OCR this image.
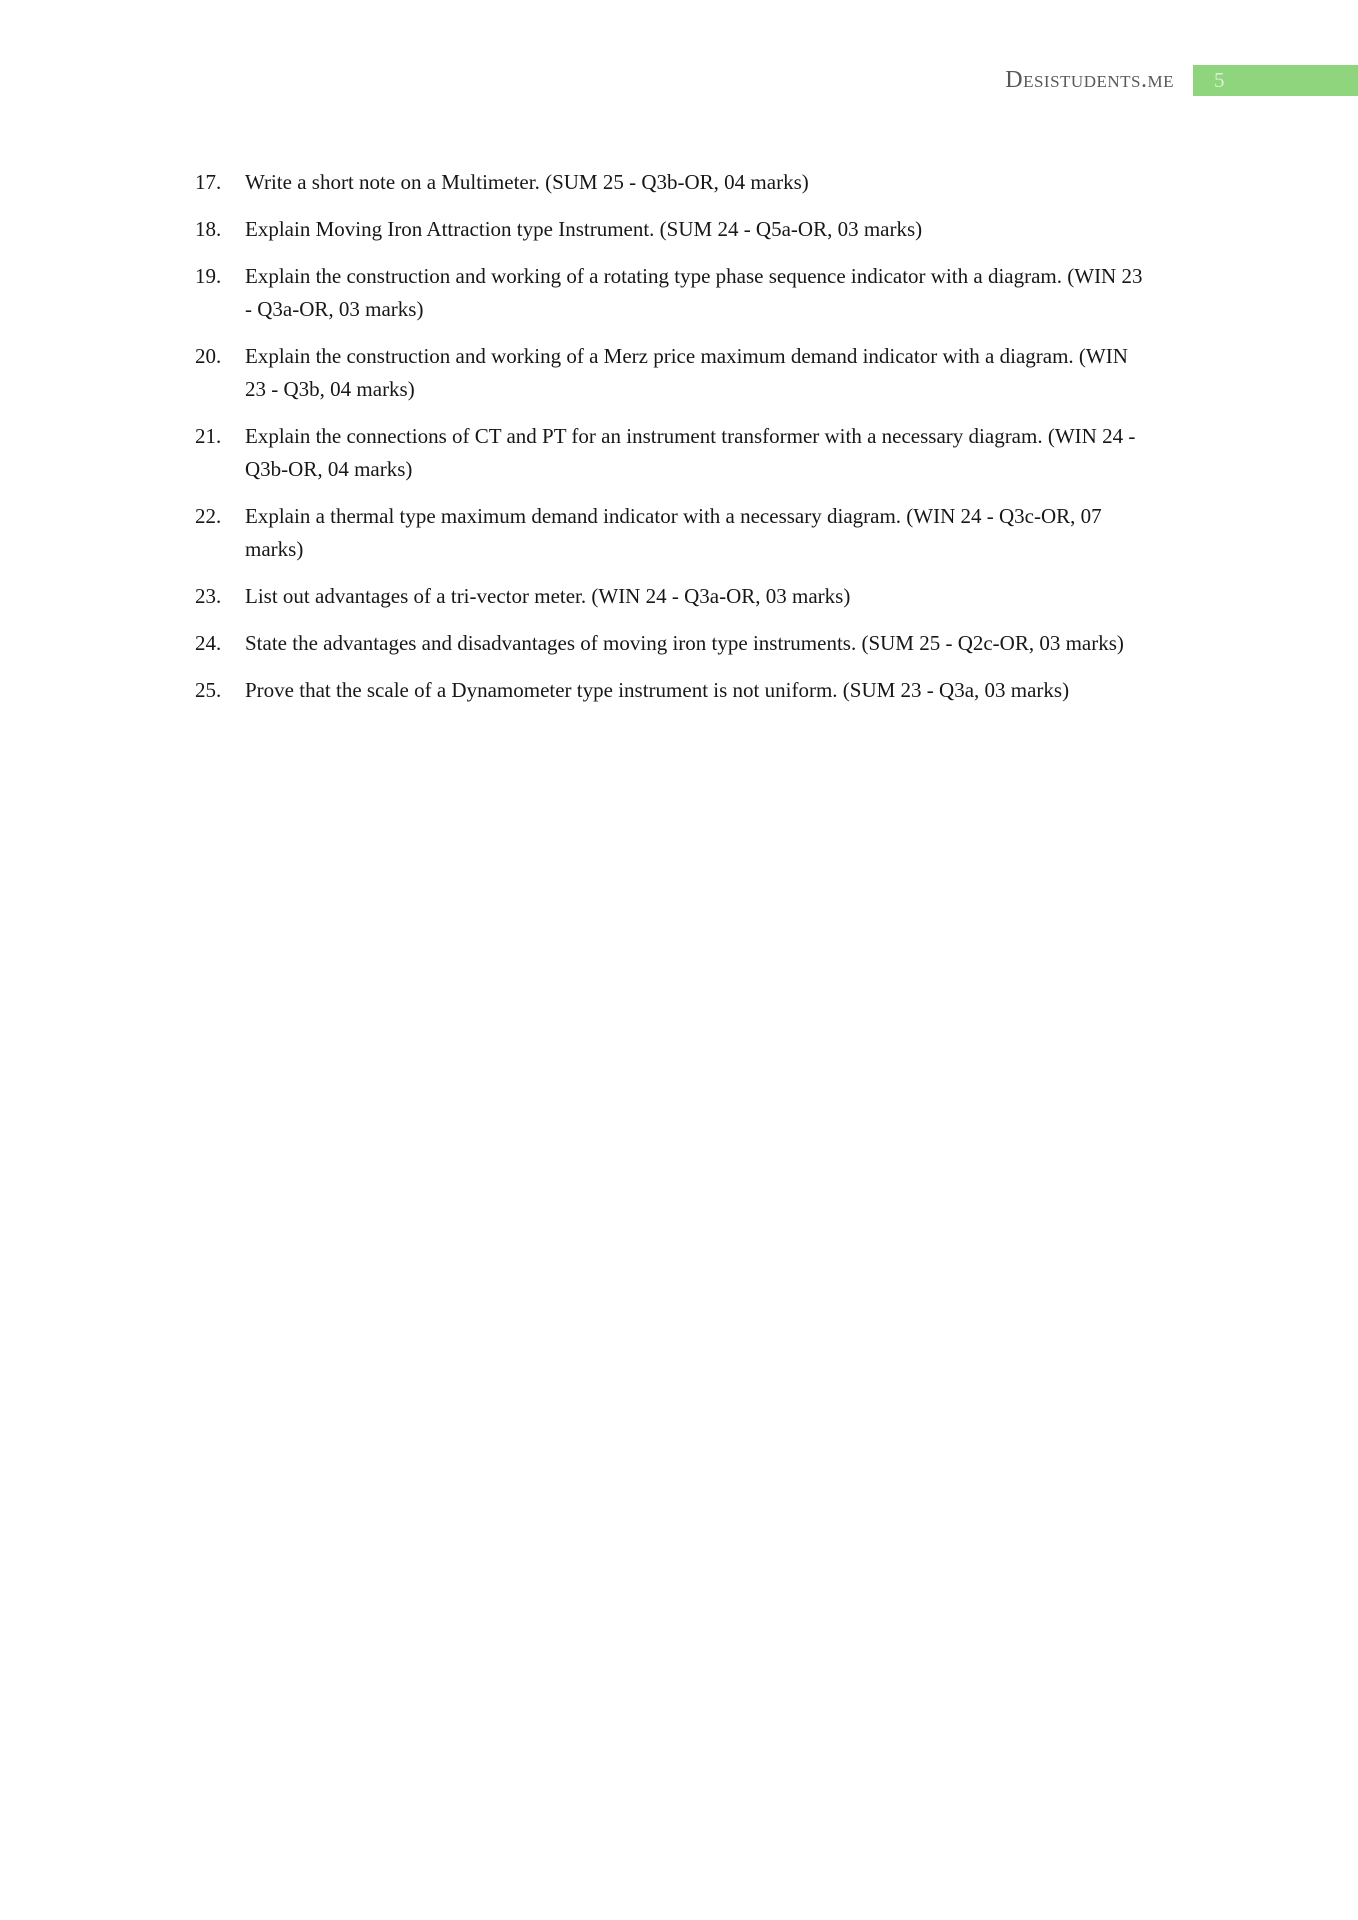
Desistudents.me 5
17. Write a short note on a Multimeter. (SUM 25 - Q3b-OR, 04 marks)
18. Explain Moving Iron Attraction type Instrument. (SUM 24 - Q5a-OR, 03 marks)
19. Explain the construction and working of a rotating type phase sequence indicator with a diagram. (WIN 23 - Q3a-OR, 03 marks)
20. Explain the construction and working of a Merz price maximum demand indicator with a diagram. (WIN 23 - Q3b, 04 marks)
21. Explain the connections of CT and PT for an instrument transformer with a necessary diagram. (WIN 24 - Q3b-OR, 04 marks)
22. Explain a thermal type maximum demand indicator with a necessary diagram. (WIN 24 - Q3c-OR, 07 marks)
23. List out advantages of a tri-vector meter. (WIN 24 - Q3a-OR, 03 marks)
24. State the advantages and disadvantages of moving iron type instruments. (SUM 25 - Q2c-OR, 03 marks)
25. Prove that the scale of a Dynamometer type instrument is not uniform. (SUM 23 - Q3a, 03 marks)
